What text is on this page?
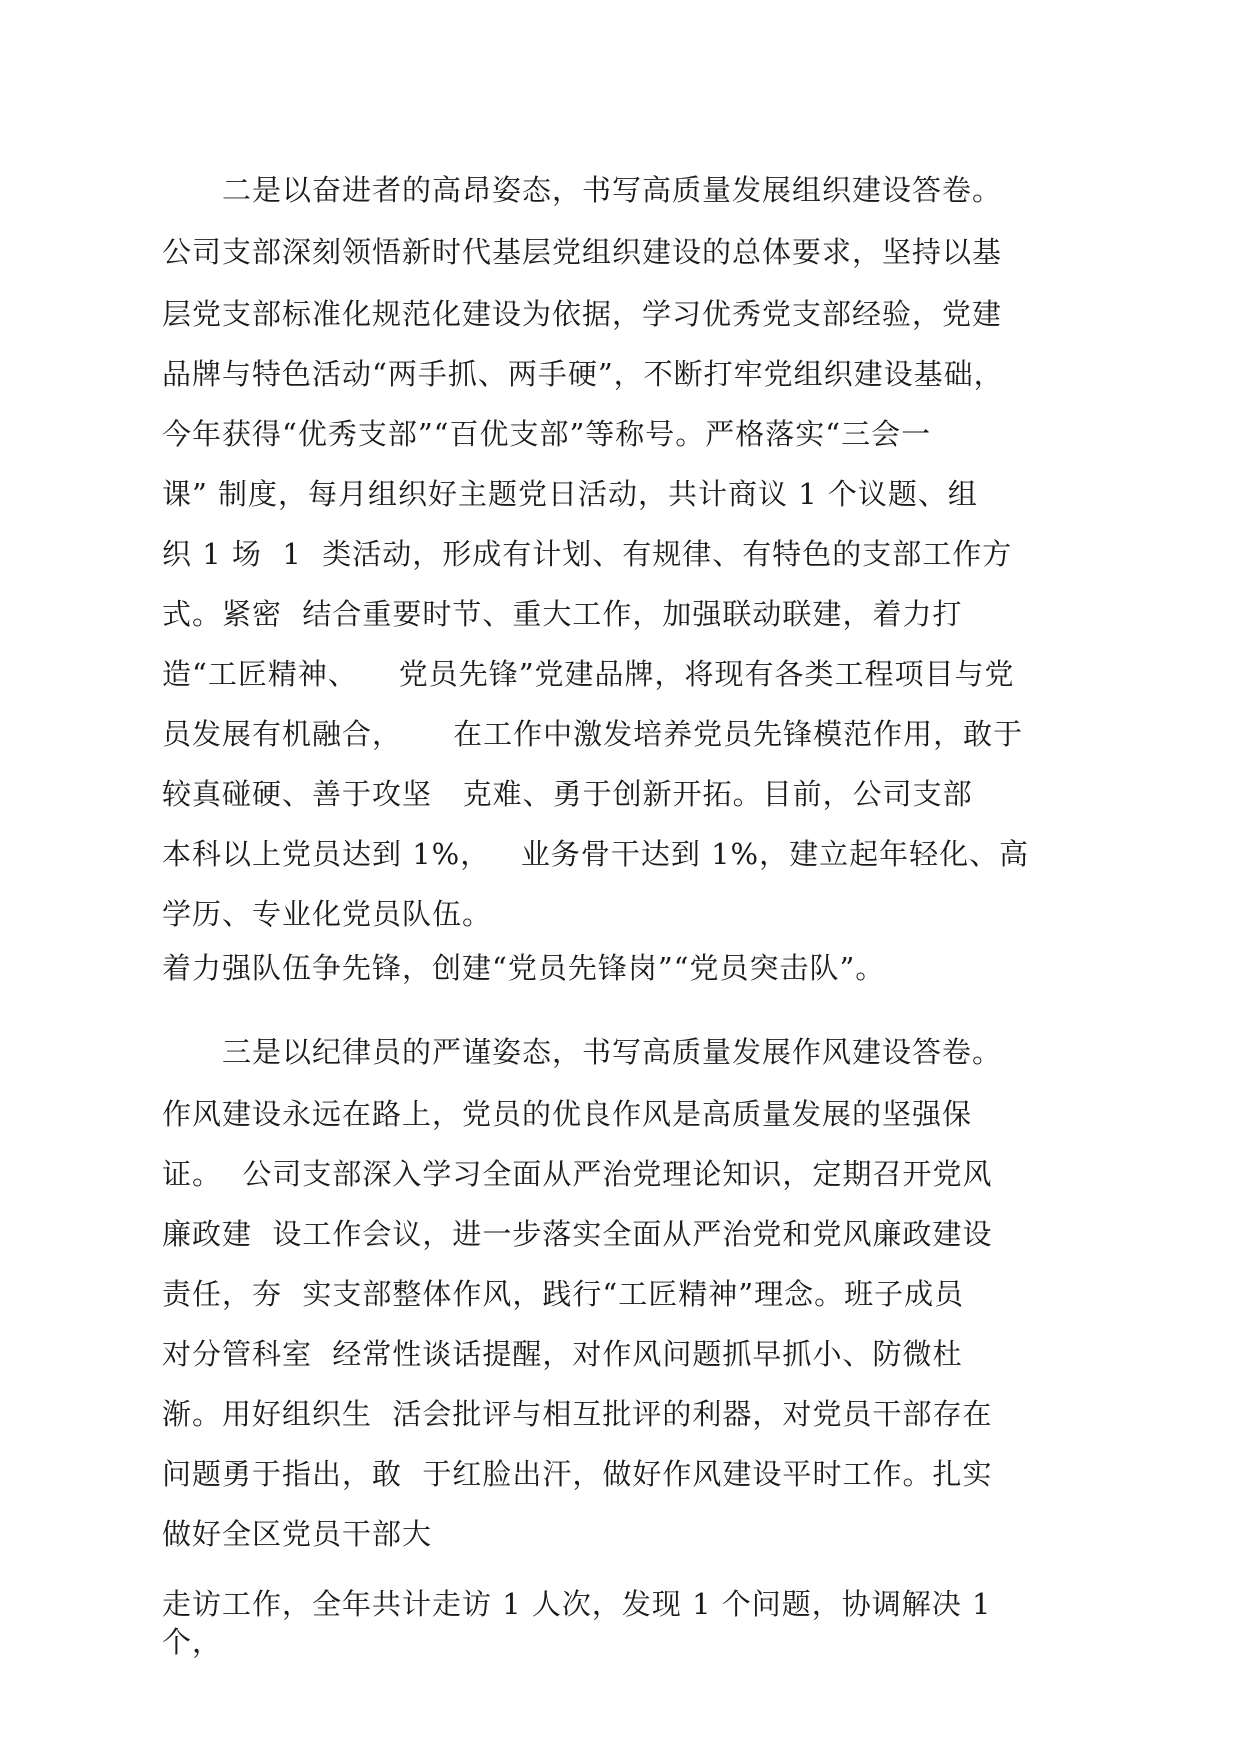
　　二是以奋进者的高昂姿态，书写高质量发展组织建设答卷。

公司支部深刻领悟新时代基层党组织建设的总体要求，坚持以基

层党支部标准化规范化建设为依据，学习优秀党支部经验，党建

品牌与特色活动“两手抓、两手硬”，不断打牢党组织建设基础，

今年获得“优秀支部”“百优支部”等称号。严格落实“三会一

课” 制度，每月组织好主题党日活动，共计商议 1 个议题、组

织 1 场  1  类活动，形成有计划、有规律、有特色的支部工作方

式。紧密  结合重要时节、重大工作，加强联动联建，着力打

造“工匠精神、    党员先锋”党建品牌，将现有各类工程项目与党

员发展有机融合，     在工作中激发培养党员先锋模范作用，敢于

较真碰硬、善于攻坚   克难、勇于创新开拓。目前，公司支部

本科以上党员达到 1%，   业务骨干达到 1%，建立起年轻化、高

学历、专业化党员队伍。

着力强队伍争先锋，创建“党员先锋岗”“党员突击队”。

　　三是以纪律员的严谨姿态，书写高质量发展作风建设答卷。

作风建设永远在路上，党员的优良作风是高质量发展的坚强保

证。  公司支部深入学习全面从严治党理论知识，定期召开党风

廉政建  设工作会议，进一步落实全面从严治党和党风廉政建设

责任，夯  实支部整体作风，践行“工匠精神”理念。班子成员

对分管科室  经常性谈话提醒，对作风问题抓早抓小、防微杜

渐。用好组织生  活会批评与相互批评的利器，对党员干部存在

问题勇于指出，敢  于红脸出汗，做好作风建设平时工作。扎实

做好全区党员干部大

走访工作，全年共计走访 1 人次，发现 1 个问题，协调解决 1

个，
